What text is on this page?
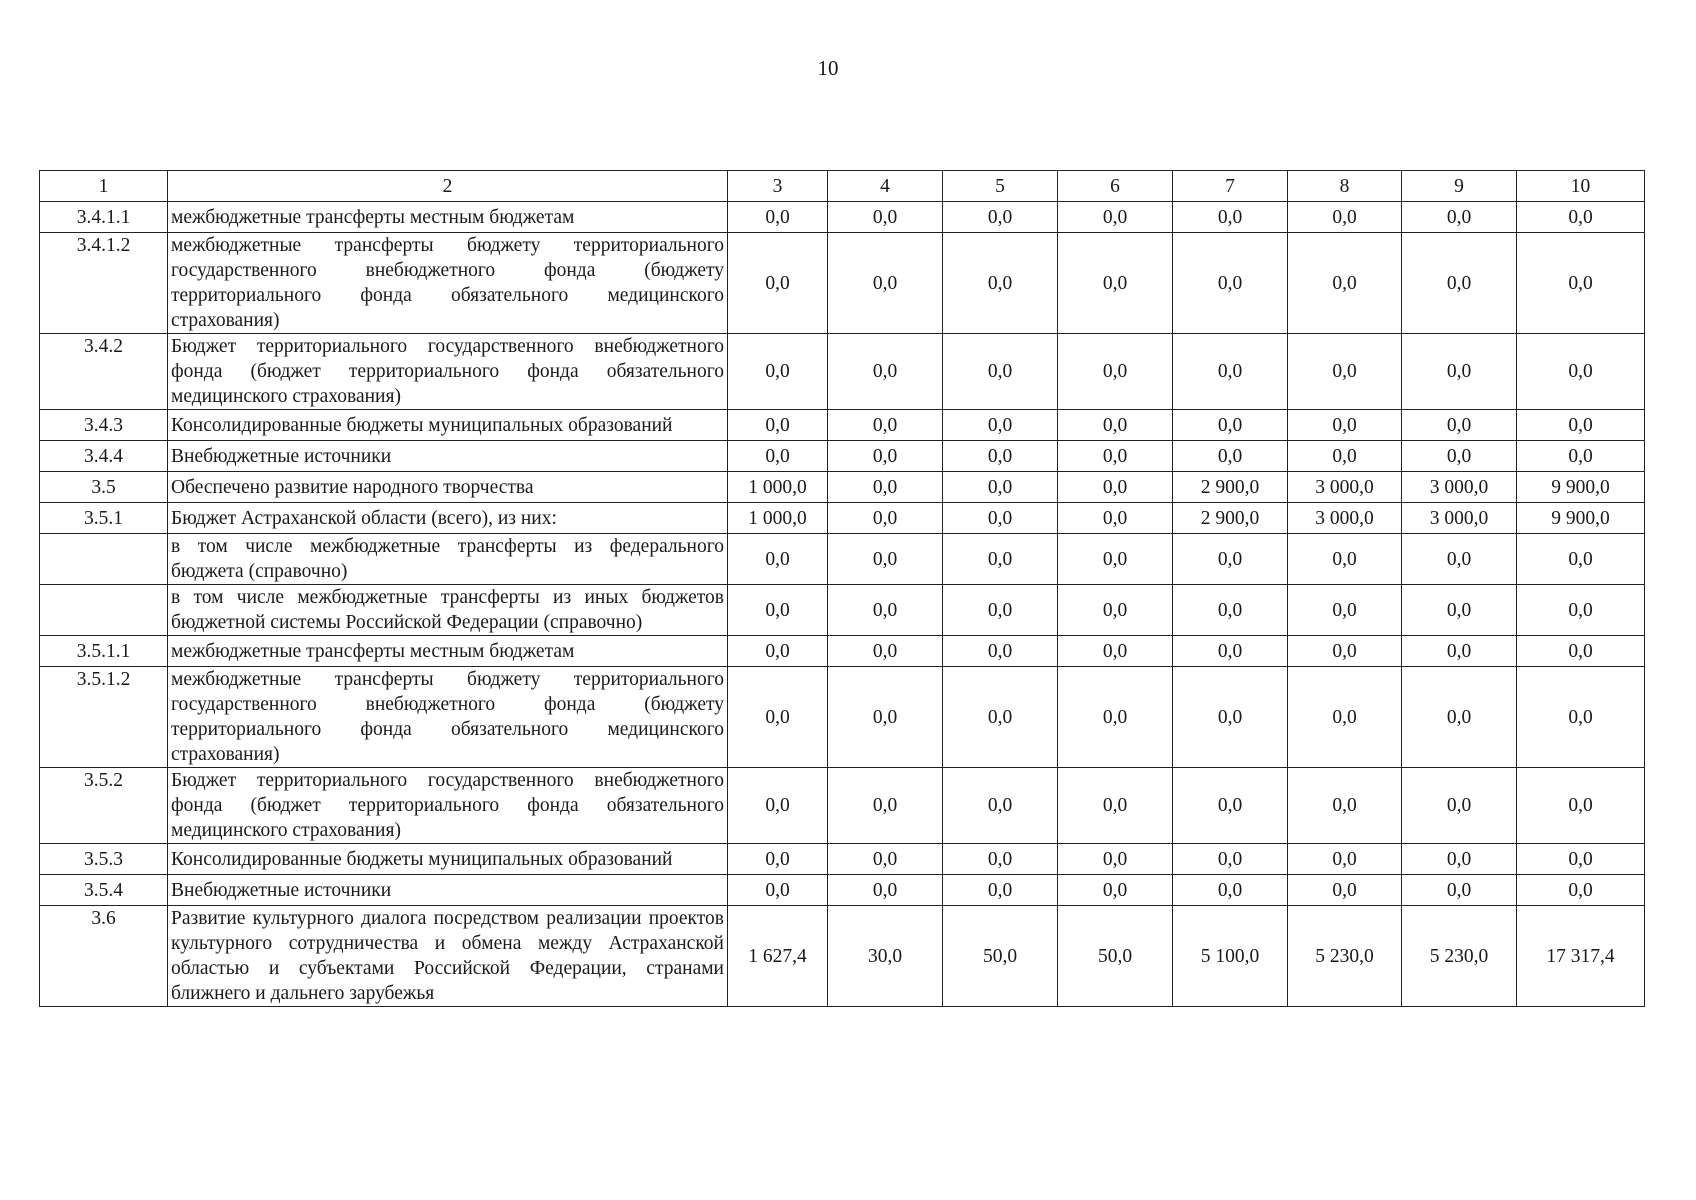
10
1	2	3	4	5	6	7	8	9	10
3.4.1.1	межбюджетные трансферты местным бюджетам	0,0	0,0	0,0	0,0	0,0	0,0	0,0	0,0
3.4.1.2	межбюджетные трансферты бюджету территориального государственного внебюджетного фонда (бюджету территориального фонда обязательного медицинского страхования)	0,0	0,0	0,0	0,0	0,0	0,0	0,0	0,0
3.4.2	Бюджет территориального государственного внебюджетного фонда (бюджет территориального фонда обязательного медицинского страхования)	0,0	0,0	0,0	0,0	0,0	0,0	0,0	0,0
3.4.3	Консолидированные бюджеты муниципальных образований	0,0	0,0	0,0	0,0	0,0	0,0	0,0	0,0
3.4.4	Внебюджетные источники	0,0	0,0	0,0	0,0	0,0	0,0	0,0	0,0
3.5	Обеспечено развитие народного творчества	1 000,0	0,0	0,0	0,0	2 900,0	3 000,0	3 000,0	9 900,0
3.5.1	Бюджет Астраханской области (всего), из них:	1 000,0	0,0	0,0	0,0	2 900,0	3 000,0	3 000,0	9 900,0
	в том числе межбюджетные трансферты из федерального бюджета (справочно)	0,0	0,0	0,0	0,0	0,0	0,0	0,0	0,0
	в том числе межбюджетные трансферты из иных бюджетов бюджетной системы Российской Федерации (справочно)	0,0	0,0	0,0	0,0	0,0	0,0	0,0	0,0
3.5.1.1	межбюджетные трансферты местным бюджетам	0,0	0,0	0,0	0,0	0,0	0,0	0,0	0,0
3.5.1.2	межбюджетные трансферты бюджету территориального государственного внебюджетного фонда (бюджету территориального фонда обязательного медицинского страхования)	0,0	0,0	0,0	0,0	0,0	0,0	0,0	0,0
3.5.2	Бюджет территориального государственного внебюджетного фонда (бюджет территориального фонда обязательного медицинского страхования)	0,0	0,0	0,0	0,0	0,0	0,0	0,0	0,0
3.5.3	Консолидированные бюджеты муниципальных образований	0,0	0,0	0,0	0,0	0,0	0,0	0,0	0,0
3.5.4	Внебюджетные источники	0,0	0,0	0,0	0,0	0,0	0,0	0,0	0,0
3.6	Развитие культурного диалога посредством реализации проектов культурного сотрудничества и обмена между Астраханской областью и субъектами Российской Федерации, странами ближнего и дальнего зарубежья	1 627,4	30,0	50,0	50,0	5 100,0	5 230,0	5 230,0	17 317,4
